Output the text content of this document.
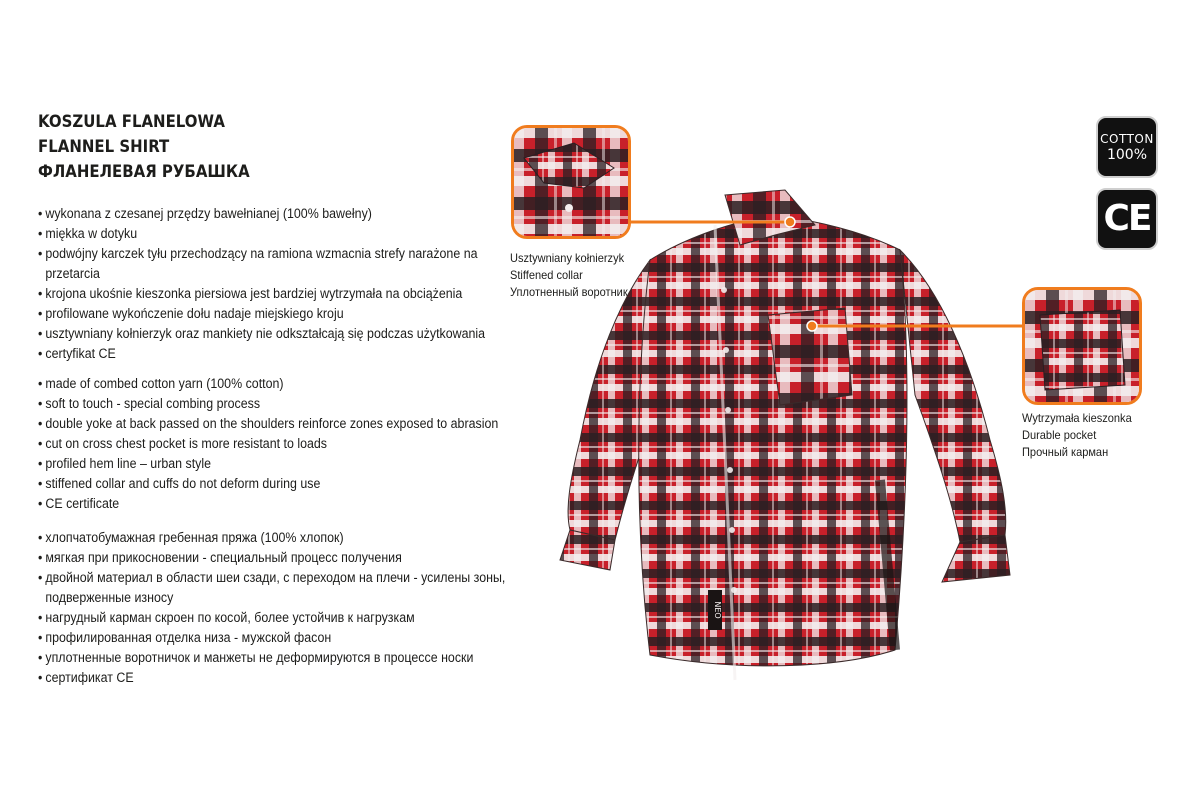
KOSZULA FLANELOWA
FLANNEL SHIRT
ФЛАНЕЛЕВАЯ РУБАШКА
• wykonana z czesanej przędzy bawełnianej (100% bawełny)
• miękka w dotyku
• podwójny karczek tyłu przechodzący na ramiona wzmacnia strefy narażone na
przetarcia
• krojona ukośnie kieszonka piersiowa jest bardziej wytrzymała na obciążenia
• profilowane wykończenie dołu nadaje miejskiego kroju
• usztywniany kołnierzyk oraz mankiety nie odkształcają się podczas użytkowania
• certyfikat CE
• made of combed cotton yarn (100% cotton)
• soft to touch - special combing process
• double yoke at back passed on the shoulders reinforce zones exposed to abrasion
• cut on cross chest pocket is more resistant to loads
• profiled hem line – urban style
• stiffened collar and cuffs do not deform during use
• CE certificate
• хлопчатобумажная гребенная пряжа (100% хлопок)
• мягкая при прикосновении - специальный процесс получения
• двойной материал в области шеи сзади, с переходом на плечи - усилены зоны,
подверженные износу
• нагрудный карман скроен по косой, более устойчив к нагрузкам
• профилированная отделка низа - мужской фасон
• уплотненные воротничок и манжеты не деформируются в процессе носки
• сертификат CE
NEO
Usztywniany kołnierzyk
Stiffened collar
Уплотненный воротник
Wytrzymała kieszonka
Durable pocket
Прочный карман
COTTON
100%
CE
